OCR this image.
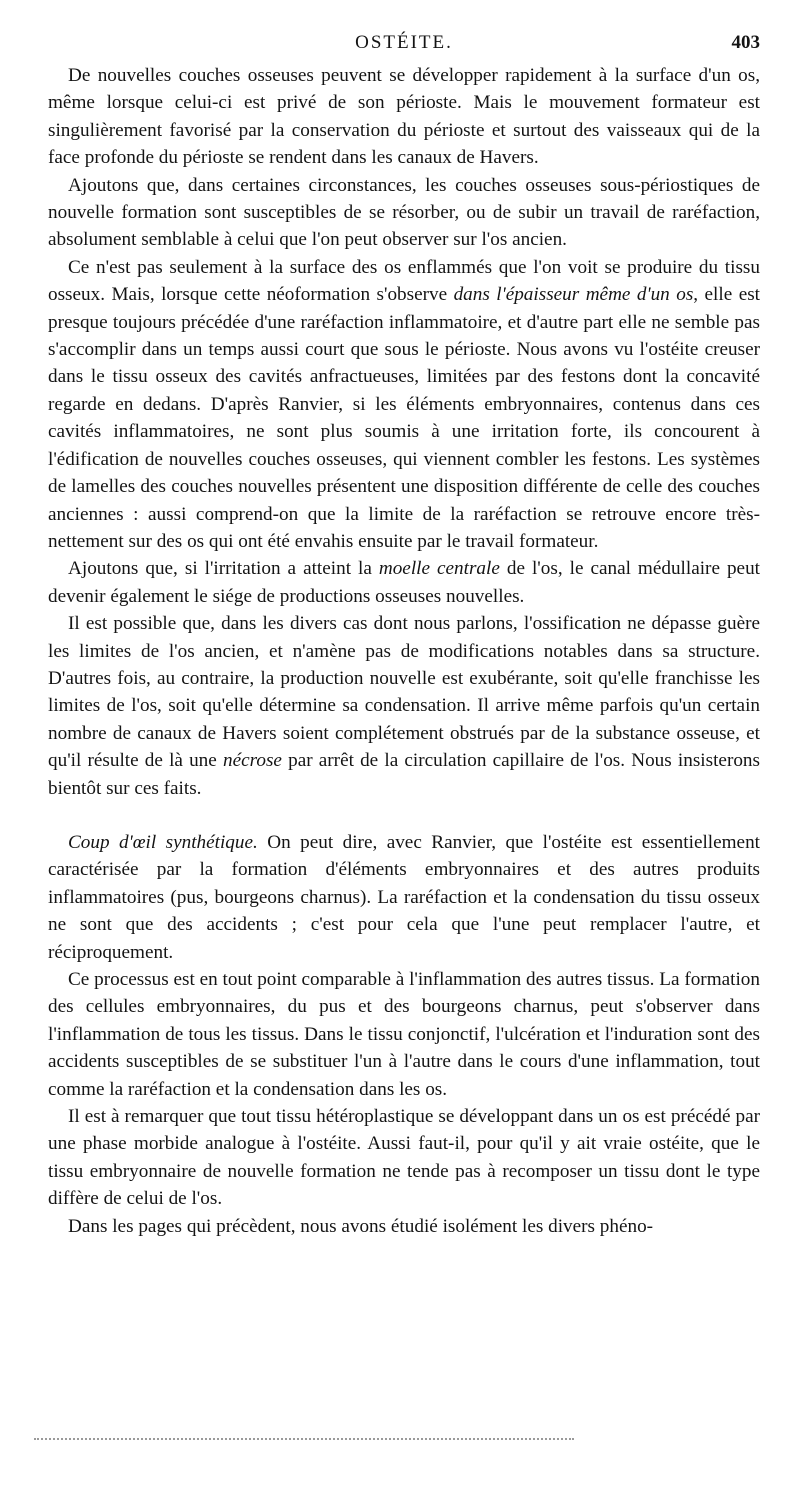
OSTÉITE.	403

De nouvelles couches osseuses peuvent se développer rapidement à la surface d'un os, même lorsque celui-ci est privé de son périoste. Mais le mouvement formateur est singulièrement favorisé par la conservation du périoste et surtout des vaisseaux qui de la face profonde du périoste se rendent dans les canaux de Havers.

Ajoutons que, dans certaines circonstances, les couches osseuses sous-périostiques de nouvelle formation sont susceptibles de se résorber, ou de subir un travail de raréfaction, absolument semblable à celui que l'on peut observer sur l'os ancien.

Ce n'est pas seulement à la surface des os enflammés que l'on voit se produire du tissu osseux. Mais, lorsque cette néoformation s'observe dans l'épaisseur même d'un os, elle est presque toujours précédée d'une raréfaction inflammatoire, et d'autre part elle ne semble pas s'accomplir dans un temps aussi court que sous le périoste. Nous avons vu l'ostéite creuser dans le tissu osseux des cavités anfractueuses, limitées par des festons dont la concavité regarde en dedans. D'après Ranvier, si les éléments embryonnaires, contenus dans ces cavités inflammatoires, ne sont plus soumis à une irritation forte, ils concourent à l'édification de nouvelles couches osseuses, qui viennent combler les festons. Les systèmes de lamelles des couches nouvelles présentent une disposition différente de celle des couches anciennes : aussi comprend-on que la limite de la raréfaction se retrouve encore très-nettement sur des os qui ont été envahis ensuite par le travail formateur.

Ajoutons que, si l'irritation a atteint la moelle centrale de l'os, le canal médullaire peut devenir également le siége de productions osseuses nouvelles.

Il est possible que, dans les divers cas dont nous parlons, l'ossification ne dépasse guère les limites de l'os ancien, et n'amène pas de modifications notables dans sa structure. D'autres fois, au contraire, la production nouvelle est exubérante, soit qu'elle franchisse les limites de l'os, soit qu'elle détermine sa condensation. Il arrive même parfois qu'un certain nombre de canaux de Havers soient complétement obstrués par de la substance osseuse, et qu'il résulte de là une nécrose par arrêt de la circulation capillaire de l'os. Nous insisterons bientôt sur ces faits.

Coup d'œil synthétique. On peut dire, avec Ranvier, que l'ostéite est essentiellement caractérisée par la formation d'éléments embryonnaires et des autres produits inflammatoires (pus, bourgeons charnus). La raréfaction et la condensation du tissu osseux ne sont que des accidents ; c'est pour cela que l'une peut remplacer l'autre, et réciproquement.

Ce processus est en tout point comparable à l'inflammation des autres tissus. La formation des cellules embryonnaires, du pus et des bourgeons charnus, peut s'observer dans l'inflammation de tous les tissus. Dans le tissu conjonctif, l'ulcération et l'induration sont des accidents susceptibles de se substituer l'un à l'autre dans le cours d'une inflammation, tout comme la raréfaction et la condensation dans les os.

Il est à remarquer que tout tissu hétéroplastique se développant dans un os est précédé par une phase morbide analogue à l'ostéite. Aussi faut-il, pour qu'il y ait vraie ostéite, que le tissu embryonnaire de nouvelle formation ne tende pas à recomposer un tissu dont le type diffère de celui de l'os.

Dans les pages qui précèdent, nous avons étudié isolément les divers phéno-
